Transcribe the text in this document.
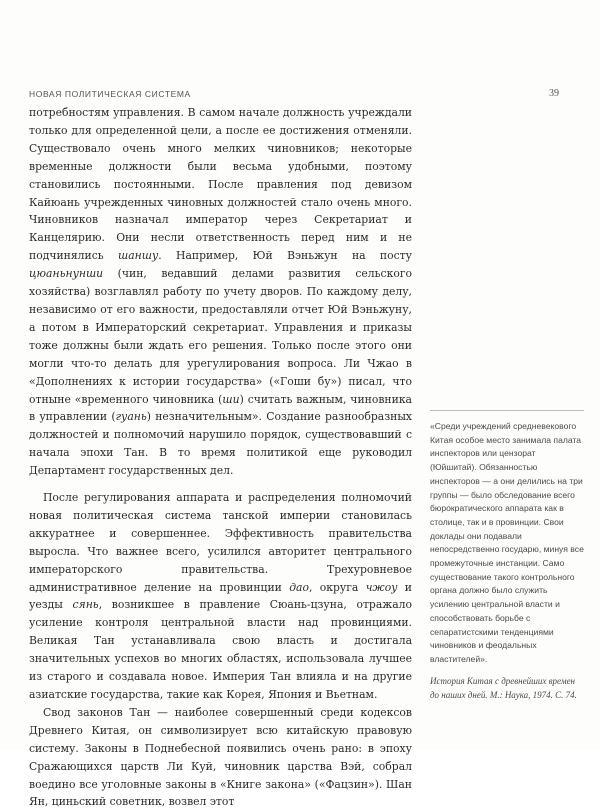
НОВАЯ ПОЛИТИЧЕСКАЯ СИСТЕМА	39

потребностям управления. В самом начале должность учреждали только для определенной цели, а после ее достижения отменяли. Существовало очень много мелких чиновников; некоторые временные должности были весьма удобными, поэтому становились постоянными. После правления под девизом Кайюань учрежденных чиновных должностей стало очень много. Чиновников назначал император через Секретариат и Канцелярию. Они несли ответственность перед ним и не подчинялись шаншу. Например, Юй Вэньжун на посту цюаньнунши (чин, ведавший делами развития сельского хозяйства) возглавлял работу по учету дворов. По каждому делу, независимо от его важности, предоставляли отчет Юй Вэньжуну, а потом в Императорский секретариат. Управления и приказы тоже должны были ждать его решения. Только после этого они могли что-то делать для урегулирования вопроса. Ли Чжао в «Дополнениях к истории государства» («Гоши бу») писал, что отныне «временного чиновника (ши) считать важным, чиновника в управлении (гуань) незначительным». Создание разнообразных должностей и полномочий нарушило порядок, существовавший с начала эпохи Тан. В то время политикой еще руководил Департамент государственных дел.

После регулирования аппарата и распределения полномочий новая политическая система танской империи становилась аккуратнее и совершеннее. Эффективность правительства выросла. Что важнее всего, усилился авторитет центрального императорского правительства. Трехуровневое административное деление на провинции дао, округа чжоу и уезды сянь, возникшее в правление Сюань-цзуна, отражало усиление контроля центральной власти над провинциями. Великая Тан устанавливала свою власть и достигала значительных успехов во многих областях, использовала лучшее из старого и создавала новое. Империя Тан влияла и на другие азиатские государства, такие как Корея, Япония и Вьетнам.

Свод законов Тан — наиболее совершенный среди кодексов Древнего Китая, он символизирует всю китайскую правовую систему. Законы в Поднебесной появились очень рано: в эпоху Сражающихся царств Ли Куй, чиновник царства Вэй, собрал воедино все уголовные законы в «Книге закона» («Фацзин»). Шан Ян, циньский советник, возвел этот

«Среди учреждений средневекового Китая особое место занимала палата инспекторов или цензорат (Юйшитай). Обязанностью инспекторов — а они делились на три группы — было обследование всего бюрократического аппарата как в столице, так и в провинции. Свои доклады они подавали непосредственно государю, минуя все промежуточные инстанции. Само существование такого контрольного органа должно было служить усилению центральной власти и способствовать борьбе с сепаратистскими тенденциями чиновников и феодальных властителей».

История Китая с древнейших времен до наших дней. М.: Наука, 1974. С. 74.
